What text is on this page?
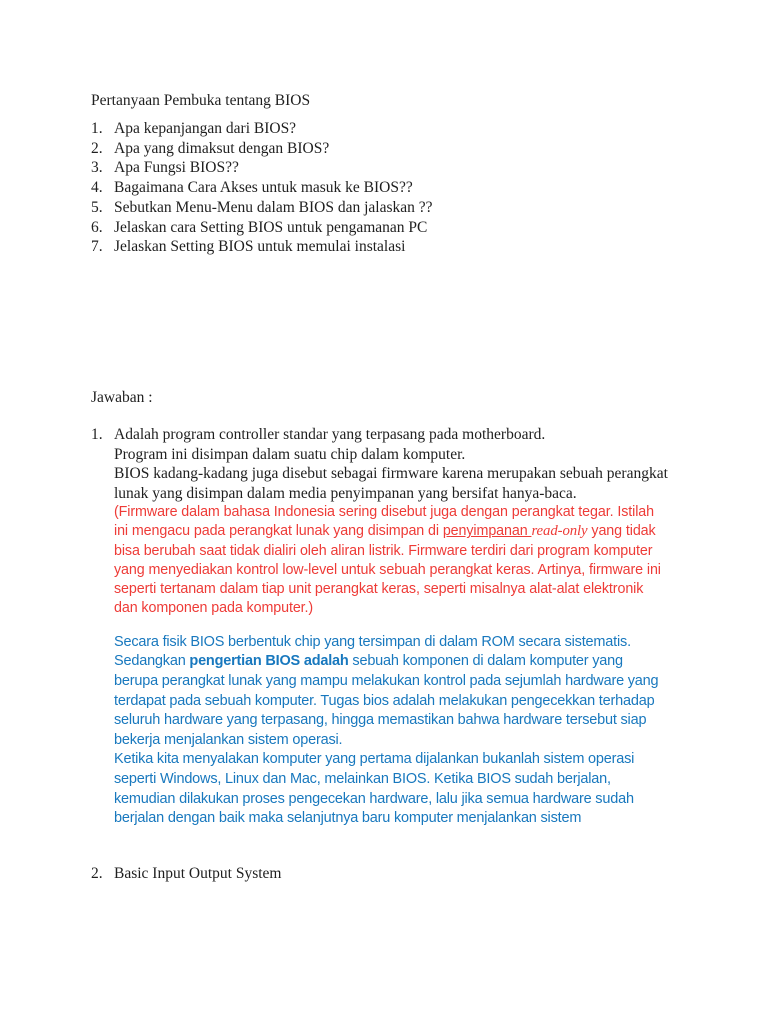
Pertanyaan Pembuka tentang BIOS
1. Apa kepanjangan dari BIOS?
2. Apa yang dimaksut dengan BIOS?
3. Apa Fungsi BIOS??
4. Bagaimana Cara Akses untuk masuk ke BIOS??
5. Sebutkan Menu-Menu dalam BIOS dan jalaskan ??
6. Jelaskan cara Setting BIOS untuk pengamanan PC
7. Jelaskan Setting BIOS untuk memulai instalasi
Jawaban :
1. Adalah program controller standar yang terpasang pada motherboard.
Program ini disimpan dalam suatu chip dalam komputer.
BIOS kadang-kadang juga disebut sebagai firmware karena merupakan sebuah perangkat lunak yang disimpan dalam media penyimpanan yang bersifat hanya-baca.
(Firmware dalam bahasa Indonesia sering disebut juga dengan perangkat tegar. Istilah ini mengacu pada perangkat lunak yang disimpan di penyimpanan read-only yang tidak bisa berubah saat tidak dialiri oleh aliran listrik. Firmware terdiri dari program komputer yang menyediakan kontrol low-level untuk sebuah perangkat keras. Artinya, firmware ini seperti tertanam dalam tiap unit perangkat keras, seperti misalnya alat-alat elektronik dan komponen pada komputer.)
Secara fisik BIOS berbentuk chip yang tersimpan di dalam ROM secara sistematis.
Sedangkan pengertian BIOS adalah sebuah komponen di dalam komputer yang berupa perangkat lunak yang mampu melakukan kontrol pada sejumlah hardware yang terdapat pada sebuah komputer. Tugas bios adalah melakukan pengecekkan terhadap seluruh hardware yang terpasang, hingga memastikan bahwa hardware tersebut siap bekerja menjalankan sistem operasi.
Ketika kita menyalakan komputer yang pertama dijalankan bukanlah sistem operasi seperti Windows, Linux dan Mac, melainkan BIOS. Ketika BIOS sudah berjalan, kemudian dilakukan proses pengecekan hardware, lalu jika semua hardware sudah berjalan dengan baik maka selanjutnya baru komputer menjalankan sistem
2. Basic Input Output System
